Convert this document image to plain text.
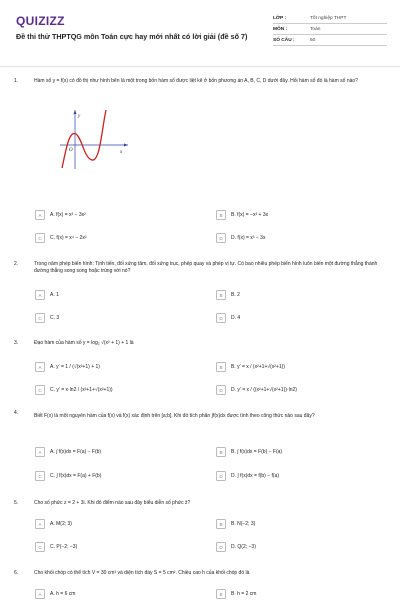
QUIZIZZ
Đề thi thử THPTQG môn Toán cực hay mới nhất có lời giải (đề số 7)
LỚP :	Tốt nghiệp THPT
MÔN :	Toán
SỐ CÂU :	50
1.	Hàm số y = f(x) có đồ thị như hình bên là một trong bốn hàm số được liệt kê ở bốn phương án A, B, C, D dưới đây. Hỏi hàm số đó là hàm số nào?
y
x
O
A	A. f(x) = x³ − 3x²	B	B. f(x) = −x³ + 3x
C	C. f(x) = x⁴ − 2x²	D	D. f(x) = x³ − 3x
2.	Trong năm phép biến hình: Tịnh tiến, đối xứng tâm, đối xứng trục, phép quay và phép vị tự. Có bao nhiêu phép biến hình luôn biến một đường thẳng thành đường thẳng song song hoặc trùng với nó?
A	A. 1	B	B. 2
C	C. 3	D	D. 4
3.	Đạo hàm của hàm số y = log₂ √(x² + 1) + 1 là
A	A. y′ = 1 / (√(x²+1) + 1)	B	B. y′ = x / (x²+1+√(x²+1))
C	C. y′ = x·ln2 / (x²+1+√(x²+1))	D	D. y′ = x / ((x²+1+√(x²+1))·ln2)
4.	Biết F(x) là một nguyên hàm của f(x) và f(x) xác định trên [a;b]. Khi đó tích phân ∫f(x)dx được tính theo công thức nào sau đây?
A	A. ∫ f(x)dx = F(a) − F(b)	B	B. ∫ f(x)dx = F(b) − F(a)
C	C. ∫ f(x)dx = F(a) + F(b)	D	D. ∫ f(x)dx = f(b) − f(a)
5.	Cho số phức z = 2 + 3i. Khi đó điểm nào sau đây biểu diễn số phức z̄?
A	A. M(2; 3)	B	B. N(−2; 3)
C	C. P(−2; −3)	D	D. Q(2; −3)
6.	Cho khối chóp có thể tích V = 30 cm³ và diện tích đáy S = 5 cm². Chiều cao h của khối chóp đó là
A	A. h = 6 cm	B	B. h = 2 cm
